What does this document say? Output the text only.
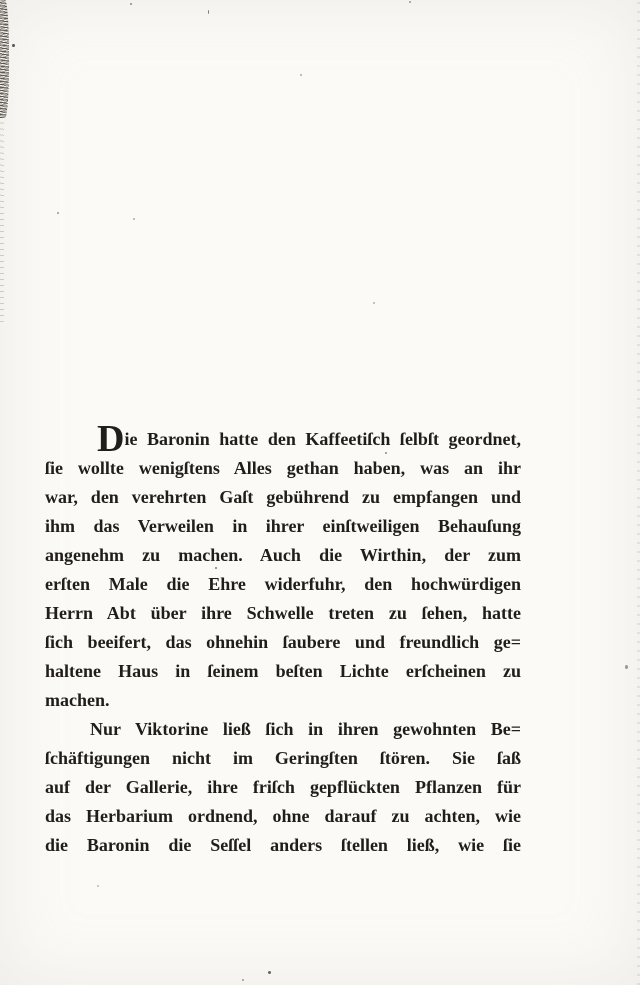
Die Baronin hatte den Kaffeetiſch ſelbſt geordnet,
ſie wollte wenigſtens Alles gethan haben, was an ihr
war, den verehrten Gaſt gebührend zu empfangen und
ihm das Verweilen in ihrer einſtweiligen Behauſung
angenehm zu machen. Auch die Wirthin, der zum
erſten Male die Ehre widerfuhr, den hochwürdigen
Herrn Abt über ihre Schwelle treten zu ſehen, hatte
ſich beeifert, das ohnehin ſaubere und freundlich ge=
haltene Haus in ſeinem beſten Lichte erſcheinen zu
machen.
Nur Viktorine ließ ſich in ihren gewohnten Be=
ſchäftigungen nicht im Geringſten ſtören. Sie ſaß
auf der Gallerie, ihre friſch gepflückten Pflanzen für
das Herbarium ordnend, ohne darauf zu achten, wie
die Baronin die Seſſel anders ſtellen ließ, wie ſie
